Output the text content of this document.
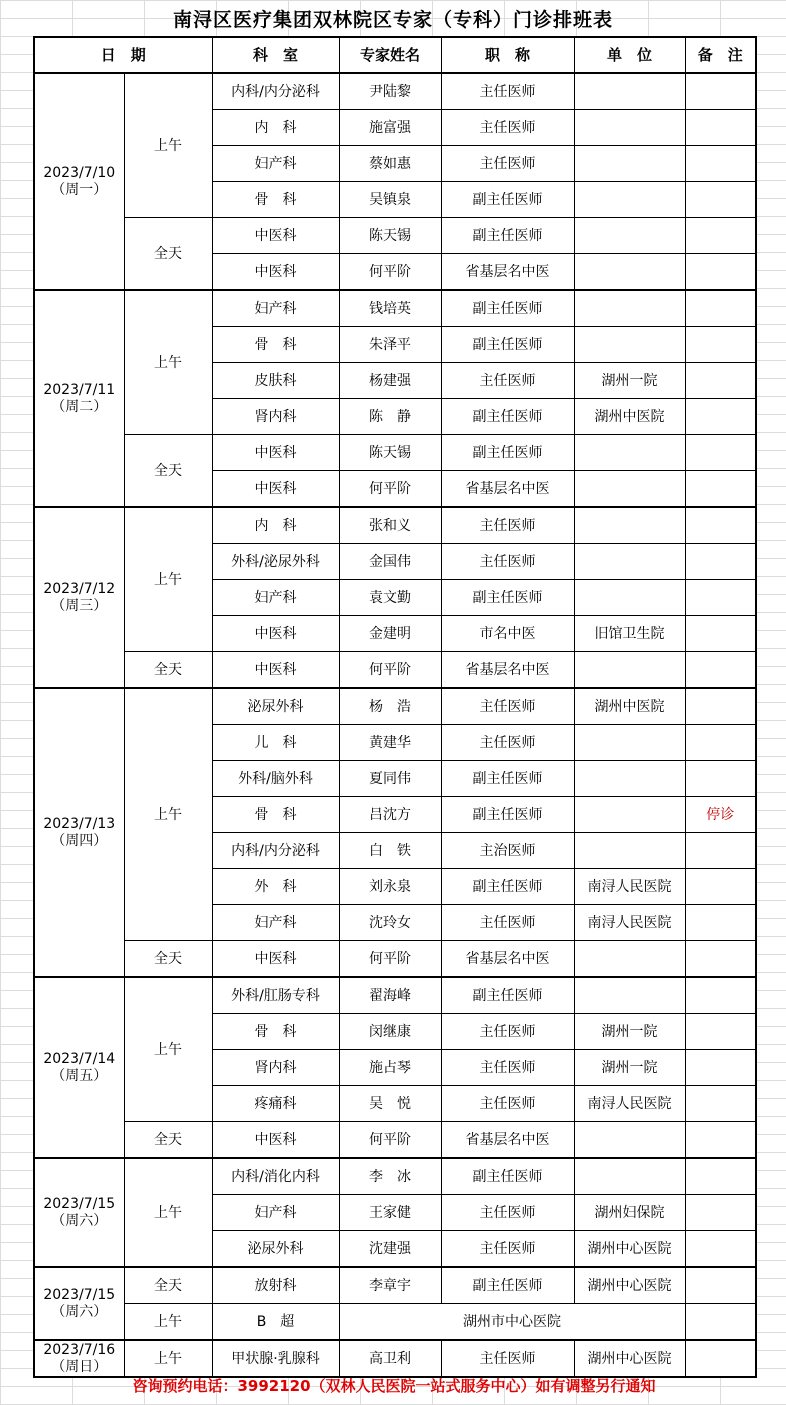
南浔区医疗集团双林院区专家（专科）门诊排班表
日　期		科　室	专家姓名	职　称	单　位	备　注

2023/7/10
（周一）	上午	内科/内分泌科	尹陆黎	主任医师		
		内　科	施富强	主任医师		
		妇产科	蔡如惠	主任医师		
		骨　科	吴镇泉	副主任医师		
	全天	中医科	陈天锡	副主任医师		
		中医科	何平阶	省基层名中医		

2023/7/11
（周二）	上午	妇产科	钱培英	副主任医师		
		骨　科	朱泽平	副主任医师		
		皮肤科	杨建强	主任医师	湖州一院	
		肾内科	陈　静	副主任医师	湖州中医院	
	全天	中医科	陈天锡	副主任医师		
		中医科	何平阶	省基层名中医		

2023/7/12
（周三）	上午	内　科	张和义	主任医师		
		外科/泌尿外科	金国伟	主任医师		
		妇产科	袁文勤	副主任医师		
		中医科	金建明	市名中医	旧馆卫生院	
	全天	中医科	何平阶	省基层名中医		

2023/7/13
（周四）	上午	泌尿外科	杨　浩	主任医师	湖州中医院	
		儿　科	黄建华	主任医师		
		外科/脑外科	夏同伟	副主任医师		
		骨　科	吕沈方	副主任医师		停诊
		内科/内分泌科	白　铁	主治医师		
		外　科	刘永泉	副主任医师	南浔人民医院	
		妇产科	沈玲女	主任医师	南浔人民医院	
	全天	中医科	何平阶	省基层名中医		

2023/7/14
（周五）	上午	外科/肛肠专科	翟海峰	副主任医师		
		骨　科	闵继康	主任医师	湖州一院	
		肾内科	施占琴	主任医师	湖州一院	
		疼痛科	吴　悦	主任医师	南浔人民医院	
	全天	中医科	何平阶	省基层名中医		

2023/7/15
（周六）	上午	内科/消化内科	李　冰	副主任医师		
		妇产科	王家健	主任医师	湖州妇保院	
		泌尿外科	沈建强	主任医师	湖州中心医院	

2023/7/15
（周六）	全天	放射科	李章宇	副主任医师	湖州中心医院	
	上午	B　超	湖州市中心医院			

2023/7/16
（周日）	上午	甲状腺·乳腺科	高卫利	主任医师	湖州中心医院	
咨询预约电话：3992120（双林人民医院一站式服务中心）如有调整另行通知
